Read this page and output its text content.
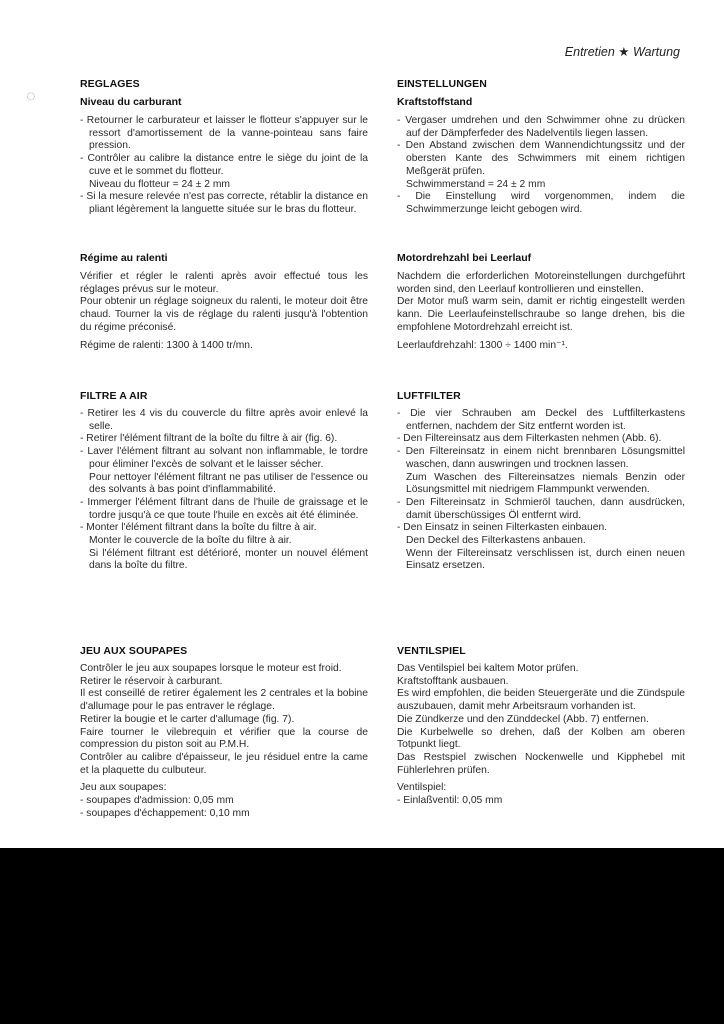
Entretien ★ Wartung
◌
REGLAGES
Niveau du carburant
- Retourner le carburateur et laisser le flotteur s'appuyer sur le ressort d'amortissement de la vanne-pointeau sans faire pression.
- Contrôler au calibre la distance entre le siège du joint de la cuve et le sommet du flotteur.
Niveau du flotteur = 24 ± 2 mm
- Si la mesure relevée n'est pas correcte, rétablir la distance en pliant légèrement la languette située sur le bras du flotteur.
Régime au ralenti

Vérifier et régler le ralenti après avoir effectué tous les réglages prévus sur le moteur.

Pour obtenir un réglage soigneux du ralenti, le moteur doit être chaud. Tourner la vis de réglage du ralenti jusqu'à l'obtention du régime préconisé.

Régime de ralenti: 1300 à 1400 tr/mn.

FILTRE A AIR
- Retirer les 4 vis du couvercle du filtre après avoir enlevé la selle.
- Retirer l'élément filtrant de la boîte du filtre à air (fig. 6).
- Laver l'élément filtrant au solvant non inflammable, le tordre pour éliminer l'excès de solvant et le laisser sécher.
Pour nettoyer l'élément filtrant ne pas utiliser de l'essence ou des solvants à bas point d'inflammabilité.
- Immerger l'élément filtrant dans de l'huile de graissage et le tordre jusqu'à ce que toute l'huile en excès ait été éliminée.
- Monter l'élément filtrant dans la boîte du filtre à air.
Monter le couvercle de la boîte du filtre à air.
Si l'élément filtrant est détérioré, monter un nouvel élément dans la boîte du filtre.
JEU AUX SOUPAPES

Contrôler le jeu aux soupapes lorsque le moteur est froid.

Retirer le réservoir à carburant.

Il est conseillé de retirer également les 2 centrales et la bobine d'allumage pour le pas entraver le réglage.

Retirer la bougie et le carter d'allumage (fig. 7).

Faire tourner le vilebrequin et vérifier que la course de compression du piston soit au P.M.H.

Contrôler au calibre d'épaisseur, le jeu résiduel entre la came et la plaquette du culbuteur.

Jeu aux soupapes:

- soupapes d'admission: 0,05 mm
- soupapes d'échappement: 0,10 mm
EINSTELLUNGEN
Kraftstoffstand
- Vergaser umdrehen und den Schwimmer ohne zu drücken auf der Dämpferfeder des Nadelventils liegen lassen.
- Den Abstand zwischen dem Wannendichtungssitz und der obersten Kante des Schwimmers mit einem richtigen Meßgerät prüfen.
Schwimmerstand = 24 ± 2 mm
- Die Einstellung wird vorgenommen, indem die Schwimmerzunge leicht gebogen wird.
Motordrehzahl bei Leerlauf

Nachdem die erforderlichen Motoreinstellungen durchgeführt worden sind, den Leerlauf kontrollieren und einstellen.

Der Motor muß warm sein, damit er richtig eingestellt werden kann. Die Leerlaufeinstellschraube so lange drehen, bis die empfohlene Motordrehzahl erreicht ist.

Leerlaufdrehzahl: 1300 ÷ 1400 min⁻¹.

LUFTFILTER
- Die vier Schrauben am Deckel des Luftfilterkastens entfernen, nachdem der Sitz entfernt worden ist.
- Den Filtereinsatz aus dem Filterkasten nehmen (Abb. 6).
- Den Filtereinsatz in einem nicht brennbaren Lösungsmittel waschen, dann auswringen und trocknen lassen.
Zum Waschen des Filtereinsatzes niemals Benzin oder Lösungsmittel mit niedrigem Flammpunkt verwenden.
- Den Filtereinsatz in Schmieröl tauchen, dann ausdrücken, damit überschüssiges Öl entfernt wird.
- Den Einsatz in seinen Filterkasten einbauen.
Den Deckel des Filterkastens anbauen.
Wenn der Filtereinsatz verschlissen ist, durch einen neuen Einsatz ersetzen.
VENTILSPIEL

Das Ventilspiel bei kaltem Motor prüfen.

Kraftstofftank ausbauen.

Es wird empfohlen, die beiden Steuergeräte und die Zündspule auszubauen, damit mehr Arbeitsraum vorhanden ist.

Die Zündkerze und den Zünddeckel (Abb. 7) entfernen.

Die Kurbelwelle so drehen, daß der Kolben am oberen Totpunkt liegt.

Das Restspiel zwischen Nockenwelle und Kipphebel mit Fühlerlehren prüfen.

Ventilspiel:

- Einlaßventil: 0,05 mm
